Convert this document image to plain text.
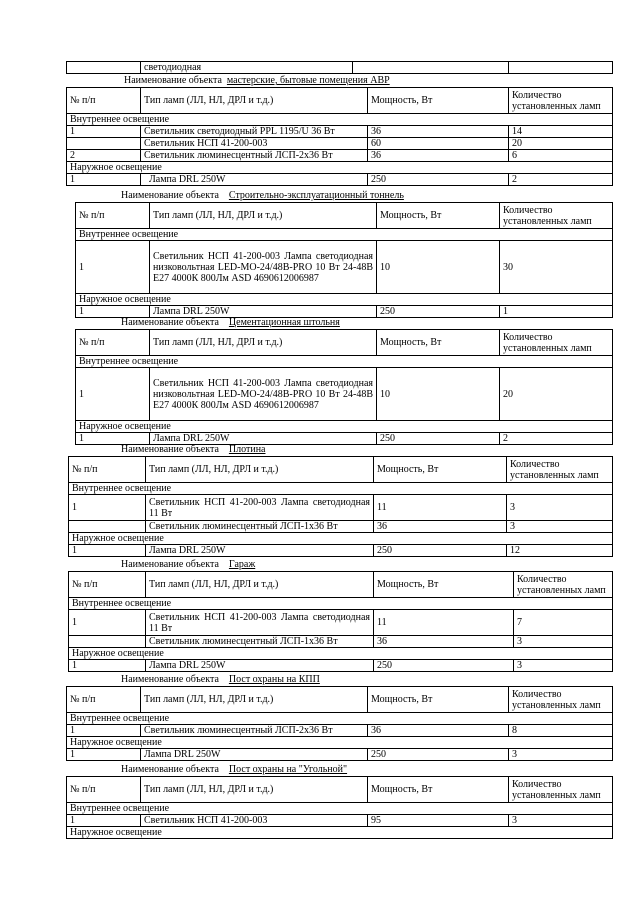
	светодиодная		
Наименование объекта мастерские, бытовые помещения АВР
№ п/п	Тип ламп (ЛЛ, НЛ, ДРЛ и т.д.)	Мощность, Вт	Количество установленных ламп
Внутреннее освещение			
1	Светильник светодиодный PPL 1195/U 36 Вт	36	14
	Светильник НСП 41-200-003	60	20
2	Светильник люминесцентный ЛСП-2х36 Вт	36	6
Наружное освещение			
1	Лампа DRL 250W	250	2
Наименование объекта Строительно-эксплуатационный тоннель
№ п/п	Тип ламп (ЛЛ, НЛ, ДРЛ и т.д.)	Мощность, Вт	Количество установленных ламп
Внутреннее освещение			
1	Светильник НСП 41-200-003 Лампа светодиодная низковольтная LED-MO-24/48B-PRO 10 Вт 24-48В Е27 4000К 800Лм ASD 4690612006987	10	30
Наружное освещение			
1	Лампа DRL 250W	250	1
Наименование объекта Цементационная штольня
№ п/п	Тип ламп (ЛЛ, НЛ, ДРЛ и т.д.)	Мощность, Вт	Количество установленных ламп
Внутреннее освещение			
1	Светильник НСП 41-200-003 Лампа светодиодная низковольтная LED-MO-24/48B-PRO 10 Вт 24-48В Е27 4000К 800Лм ASD 4690612006987	10	20
Наружное освещение			
1	Лампа DRL 250W	250	2
Наименование объекта Плотина
№ п/п	Тип ламп (ЛЛ, НЛ, ДРЛ и т.д.)	Мощность, Вт	Количество установленных ламп
Внутреннее освещение			
1	Светильник НСП 41-200-003 Лампа светодиодная 11 Вт	11	3
	Светильник люминесцентный ЛСП-1х36 Вт	36	3
Наружное освещение			
1	Лампа DRL 250W	250	12
Наименование объекта Гараж
№ п/п	Тип ламп (ЛЛ, НЛ, ДРЛ и т.д.)	Мощность, Вт	Количество установленных ламп
Внутреннее освещение			
1	Светильник НСП 41-200-003 Лампа светодиодная 11 Вт	11	7
	Светильник люминесцентный ЛСП-1х36 Вт	36	3
Наружное освещение			
1	Лампа DRL 250W	250	3
Наименование объекта Пост охраны на КПП
№ п/п	Тип ламп (ЛЛ, НЛ, ДРЛ и т.д.)	Мощность, Вт	Количество установленных ламп
Внутреннее освещение			
1	Светильник люминесцентный ЛСП-2х36 Вт	36	8
Наружное освещение			
1	Лампа DRL 250W	250	3
Наименование объекта Пост охраны на "Угольной"
№ п/п	Тип ламп (ЛЛ, НЛ, ДРЛ и т.д.)	Мощность, Вт	Количество установленных ламп
Внутреннее освещение			
1	Светильник НСП 41-200-003	95	3
Наружное освещение			
